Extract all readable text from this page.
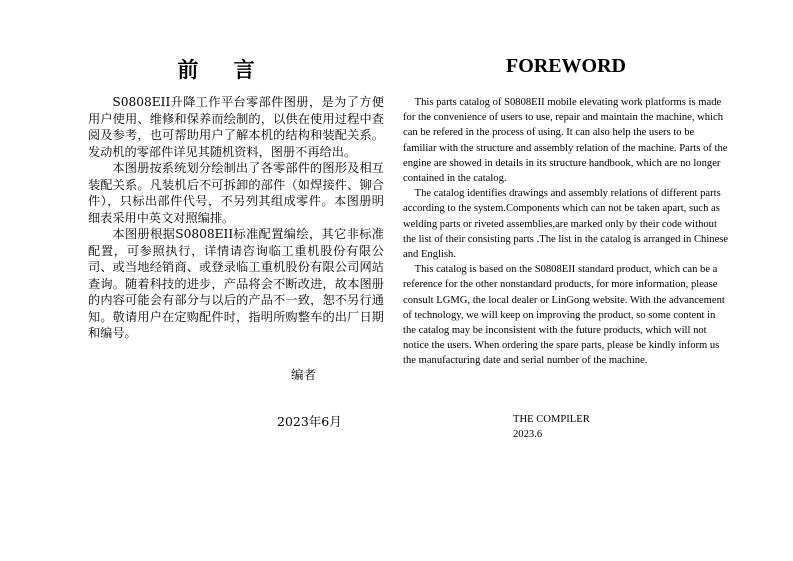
前 言

S0808EII升降工作平台零部件图册，是为了方便用户使用、维修和保养而绘制的，以供在使用过程中查阅及参考，也可帮助用户了解本机的结构和装配关系。发动机的零部件详见其随机资料，图册不再给出。

本图册按系统划分绘制出了各零部件的图形及相互装配关系。凡装机后不可拆卸的部件（如焊接件、铆合件），只标出部件代号，不另列其组成零件。本图册明细表采用中英文对照编排。

本图册根据S0808EII标准配置编绘，其它非标准配置，可参照执行，详情请咨询临工重机股份有限公司、或当地经销商、或登录临工重机股份有限公司网站查询。随着科技的进步，产品将会不断改进，故本图册的内容可能会有部分与以后的产品不一致，恕不另行通知。敬请用户在定购配件时，指明所购整车的出厂日期和编号。

编者
2023年6月
FOREWORD

This parts catalog of S0808EII mobile elevating work platforms is made for the convenience of users to use, repair and maintain the machine, which can be refered in the process of using. It can also help the users to be familiar with the structure and assembly relation of the machine. Parts of the engine are showed in details in its structure handbook, which are no longer contained in the catalog.

The catalog identifies drawings and assembly relations of different parts according to the system.Components which can not be taken apart, such as welding parts or riveted assemblies,are marked only by their code without the list of their consisting parts .The list in the catalog is arranged in Chinese and English.

This catalog is based on the S0808EII standard product, which can be a reference for the other nonstandard products, for more information, please consult LGMG, the local dealer or LinGong website. With the advancement of technology, we will keep on improving the product, so some content in the catalog may be inconsistent with the future products, which will not notice the users. When ordering the spare parts, please be kindly inform us the manufacturing date and serial number of the machine.

THE COMPILER
2023.6
